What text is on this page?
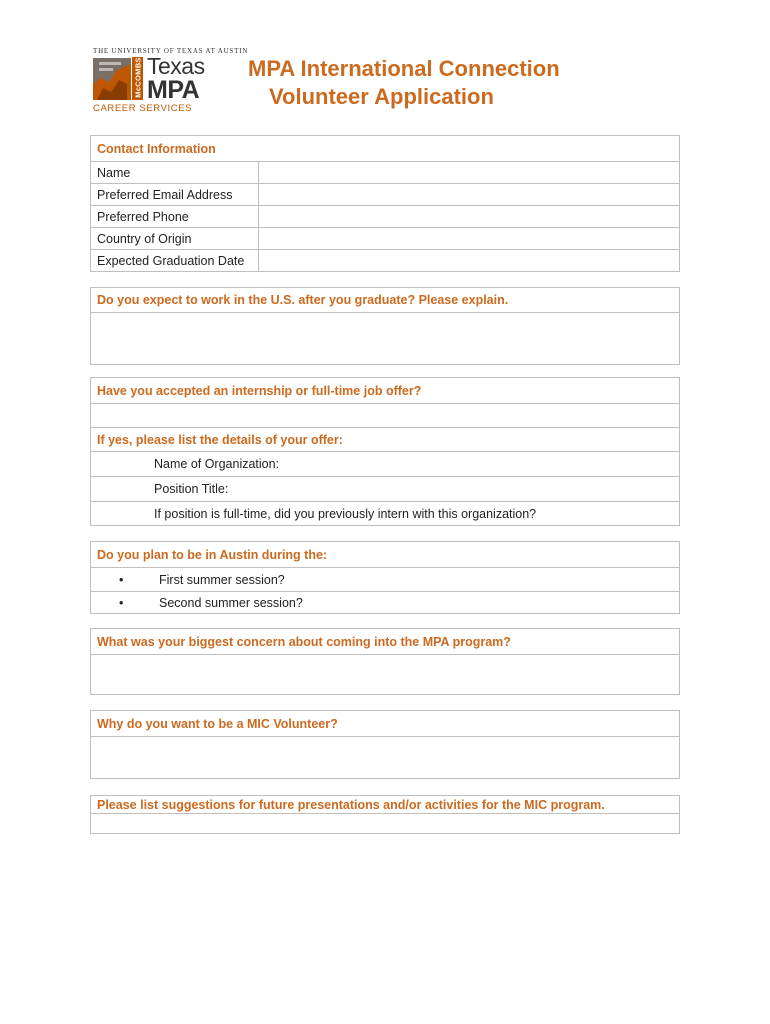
THE UNIVERSITY OF TEXAS AT AUSTIN
McCOMBS Texas
MPA
CAREER SERVICES
MPA International Connection
Volunteer Application
Contact Information
Name
Preferred Email Address
Preferred Phone
Country of Origin
Expected Graduation Date
Do you expect to work in the U.S. after you graduate? Please explain.
Have you accepted an internship or full-time job offer?
If yes, please list the details of your offer:
Name of Organization:
Position Title:
If position is full-time, did you previously intern with this organization?
Do you plan to be in Austin during the:
•	First summer session?
•	Second summer session?
What was your biggest concern about coming into the MPA program?
Why do you want to be a MIC Volunteer?
Please list suggestions for future presentations and/or activities for the MIC program.
